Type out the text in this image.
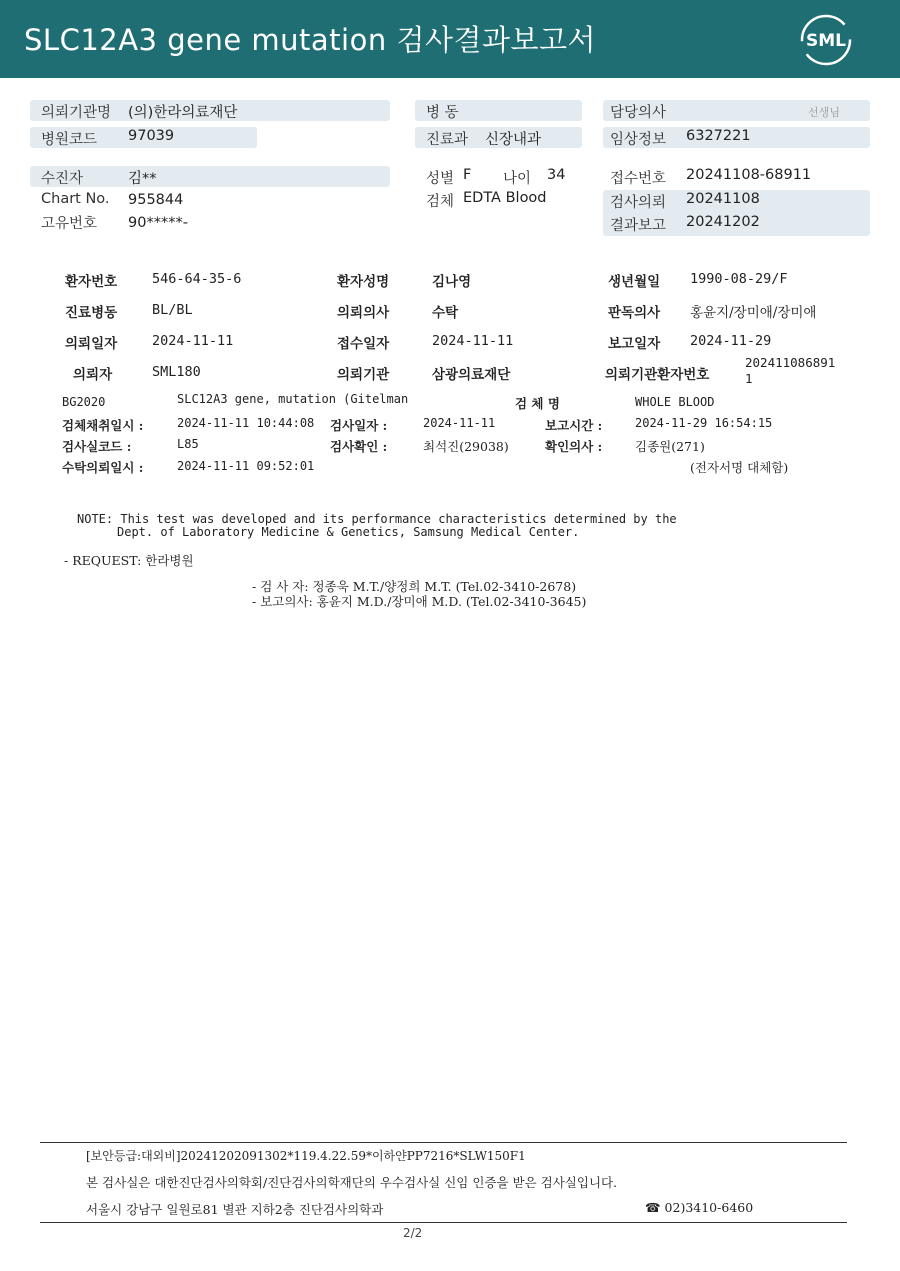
SLC12A3 gene mutation 검사결과보고서	SML
의뢰기관명 (의)한라의료재단
병원코드 97039
병 동
진료과 신장내과
담당의사	선생님
임상정보 6327221
수진자	김**
Chart No. 955844
고유번호 90*****-
성별 F 나이 34
검체 EDTA Blood
접수번호 20241108-68911
검사의뢰 20241108
결과보고 20241202
환자번호	546-64-35-6	환자성명	김나영	생년월일 1990-08-29/F
진료병동	BL/BL	의뢰의사	수탁	판독의사 홍윤지/장미애/장미애
의뢰일자	2024-11-11	접수일자	2024-11-11	보고일자 2024-11-29
의뢰자	SML180	의뢰기관	삼광의료재단	의뢰기관환자번호
202411086891
1
BG2020	SLC12A3 gene, mutation (Gitelman	검 체 명	WHOLE BLOOD
검체채취일시 :	2024-11-11 10:44:08 검사일자 :	2024-11-11	보고시간 :	2024-11-29 16:54:15
검사실코드 :	L85	검사확인 :	최석진(29038)	확인의사 :	김종원(271)
수탁의뢰일시 :	2024-11-11 09:52:01	(전자서명 대체함)
NOTE: This test was developed and its performance characteristics determined by the
Dept. of Laboratory Medicine & Genetics, Samsung Medical Center.
- REQUEST: 한라병원
- 검 사 자: 정종욱 M.T./양정희 M.T. (Tel.02-3410-2678)
- 보고의사: 홍윤지 M.D./장미애 M.D. (Tel.02-3410-3645)
[보안등급:대외비]20241202091302*119.4.22.59*이하얀PP7216*SLW150F1
본 검사실은 대한진단검사의학회/진단검사의학재단의 우수검사실 신임 인증을 받은 검사실입니다.
서울시 강남구 일원로81 별관 지하2층 진단검사의학과	☎ 02)3410-6460
2/2
